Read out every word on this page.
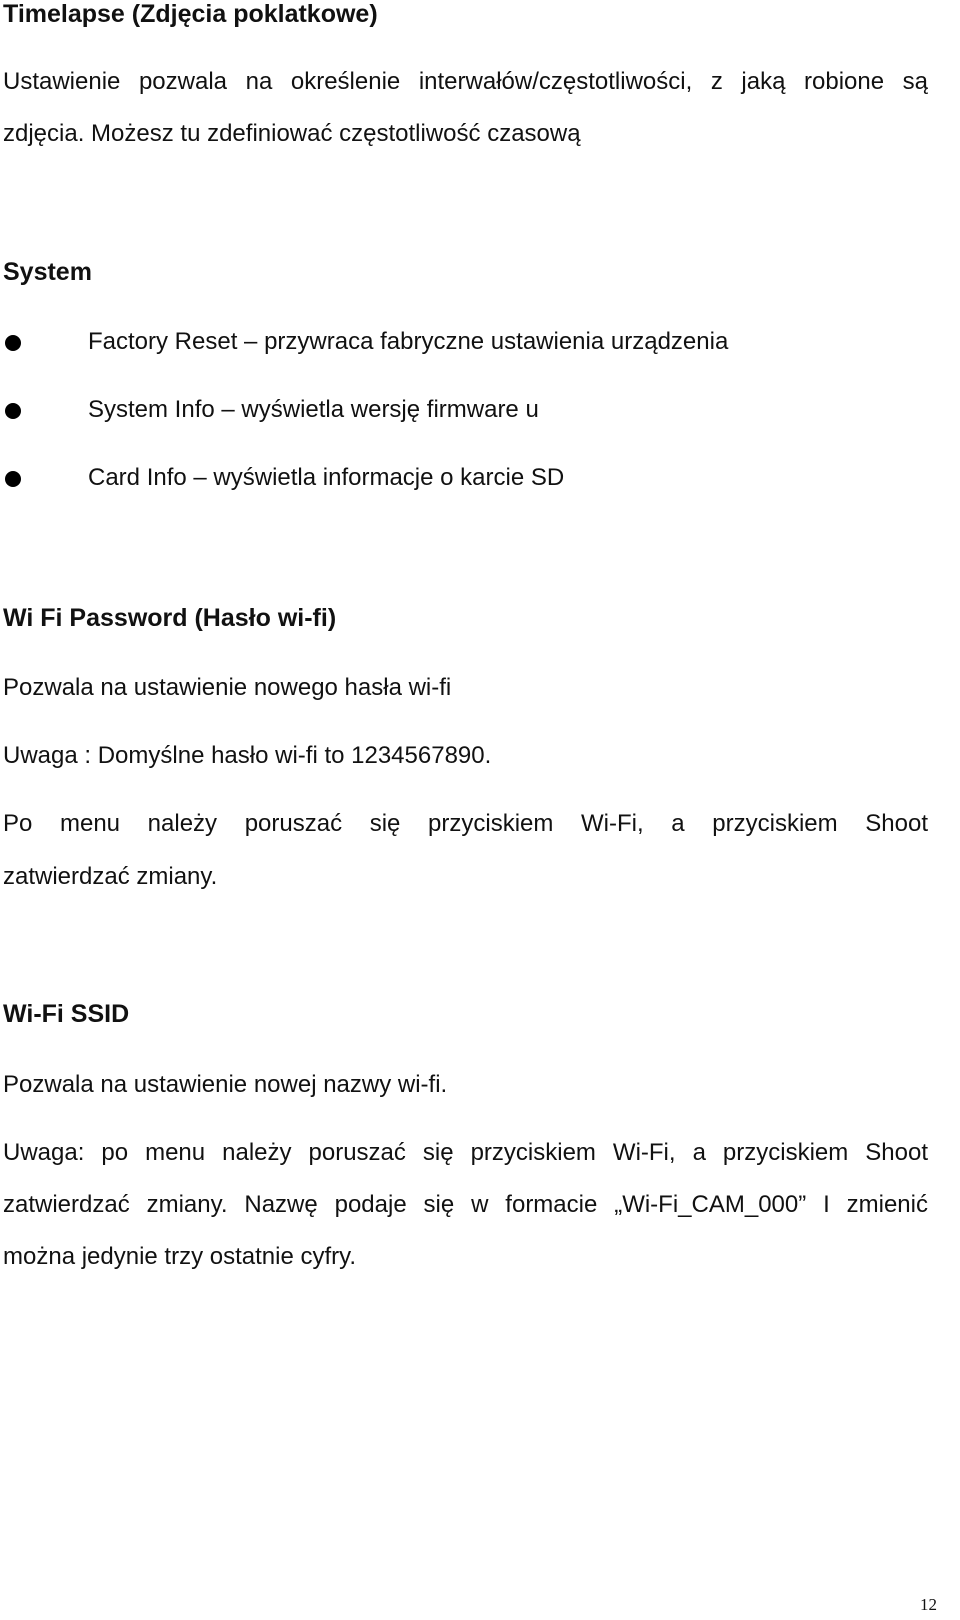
Timelapse (Zdjęcia poklatkowe)
Ustawienie pozwala na określenie interwałów/częstotliwości, z jaką robione są
zdjęcia. Możesz tu zdefiniować częstotliwość czasową
System
Factory Reset – przywraca fabryczne ustawienia urządzenia
System Info – wyświetla wersję firmware u
Card Info – wyświetla informacje o karcie SD
Wi Fi Password (Hasło wi-fi)
Pozwala na ustawienie nowego hasła wi-fi
Uwaga : Domyślne hasło wi-fi to 1234567890.
Po menu należy poruszać się przyciskiem Wi-Fi, a przyciskiem Shoot
zatwierdzać zmiany.
Wi-Fi SSID
Pozwala na ustawienie nowej nazwy wi-fi.
Uwaga: po menu należy poruszać się przyciskiem Wi-Fi, a przyciskiem Shoot
zatwierdzać zmiany. Nazwę podaje się w formacie „Wi-Fi_CAM_000” I zmienić
można jedynie trzy ostatnie cyfry.
12
